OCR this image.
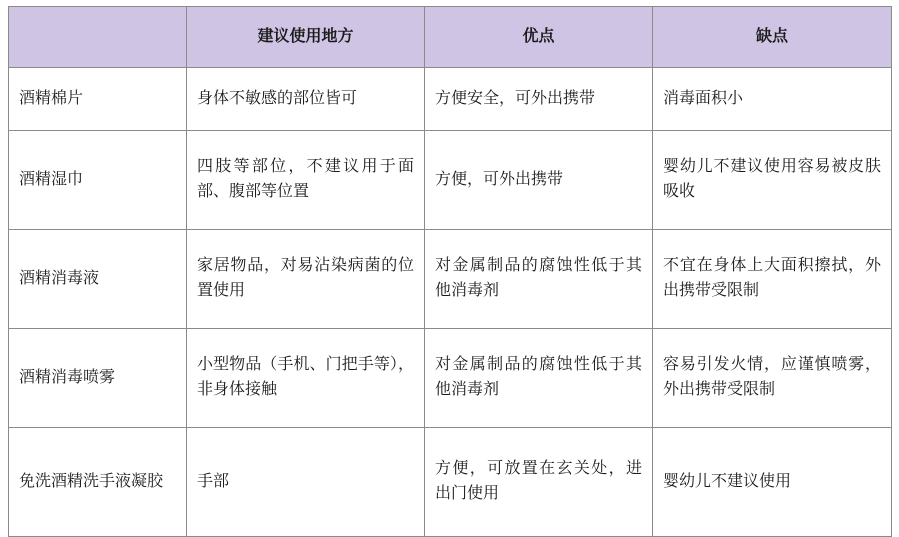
	建议使用地方	优点	缺点
酒精棉片	身体不敏感的部位皆可	方便安全，可外出携带	消毒面积小
酒精湿巾	四肢等部位，不建议用于面部、腹部等位置	方便，可外出携带	婴幼儿不建议使用容易被皮肤吸收
酒精消毒液	家居物品，对易沾染病菌的位置使用	对金属制品的腐蚀性低于其他消毒剂	不宜在身体上大面积擦拭，外出携带受限制
酒精消毒喷雾	小型物品（手机、门把手等），非身体接触	对金属制品的腐蚀性低于其他消毒剂	容易引发火情，应谨慎喷雾，外出携带受限制
免洗酒精洗手液凝胶	手部	方便，可放置在玄关处，进出门使用	婴幼儿不建议使用
